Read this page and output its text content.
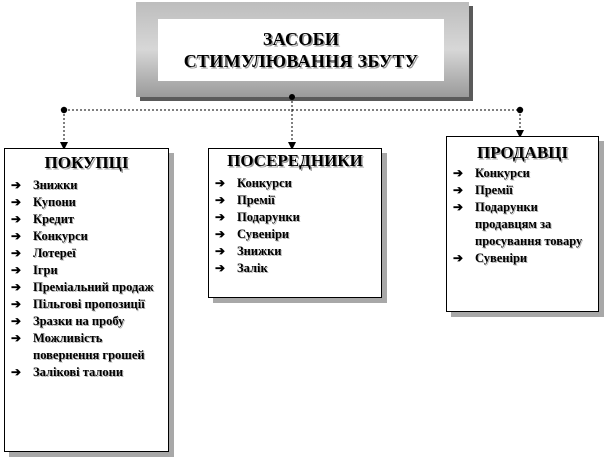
ЗАСОБИ
СТИМУЛЮВАННЯ ЗБУТУ
ПОКУПЦІ
➔ Знижки
➔ Купони
➔ Кредит
➔ Конкурси
➔ Лотереї
➔ Ігри
➔ Преміальний продаж
➔ Пільгові пропозиції
➔ Зразки на пробу
➔ Можливість повернення грошей
➔ Залікові талони
ПОСЕРЕДНИКИ
➔ Конкурси
➔ Премії
➔ Подарунки
➔ Сувеніри
➔ Знижки
➔ Залік
ПРОДАВЦІ
➔ Конкурси
➔ Премії
➔ Подарунки продавцям за просування товару
➔ Сувеніри
